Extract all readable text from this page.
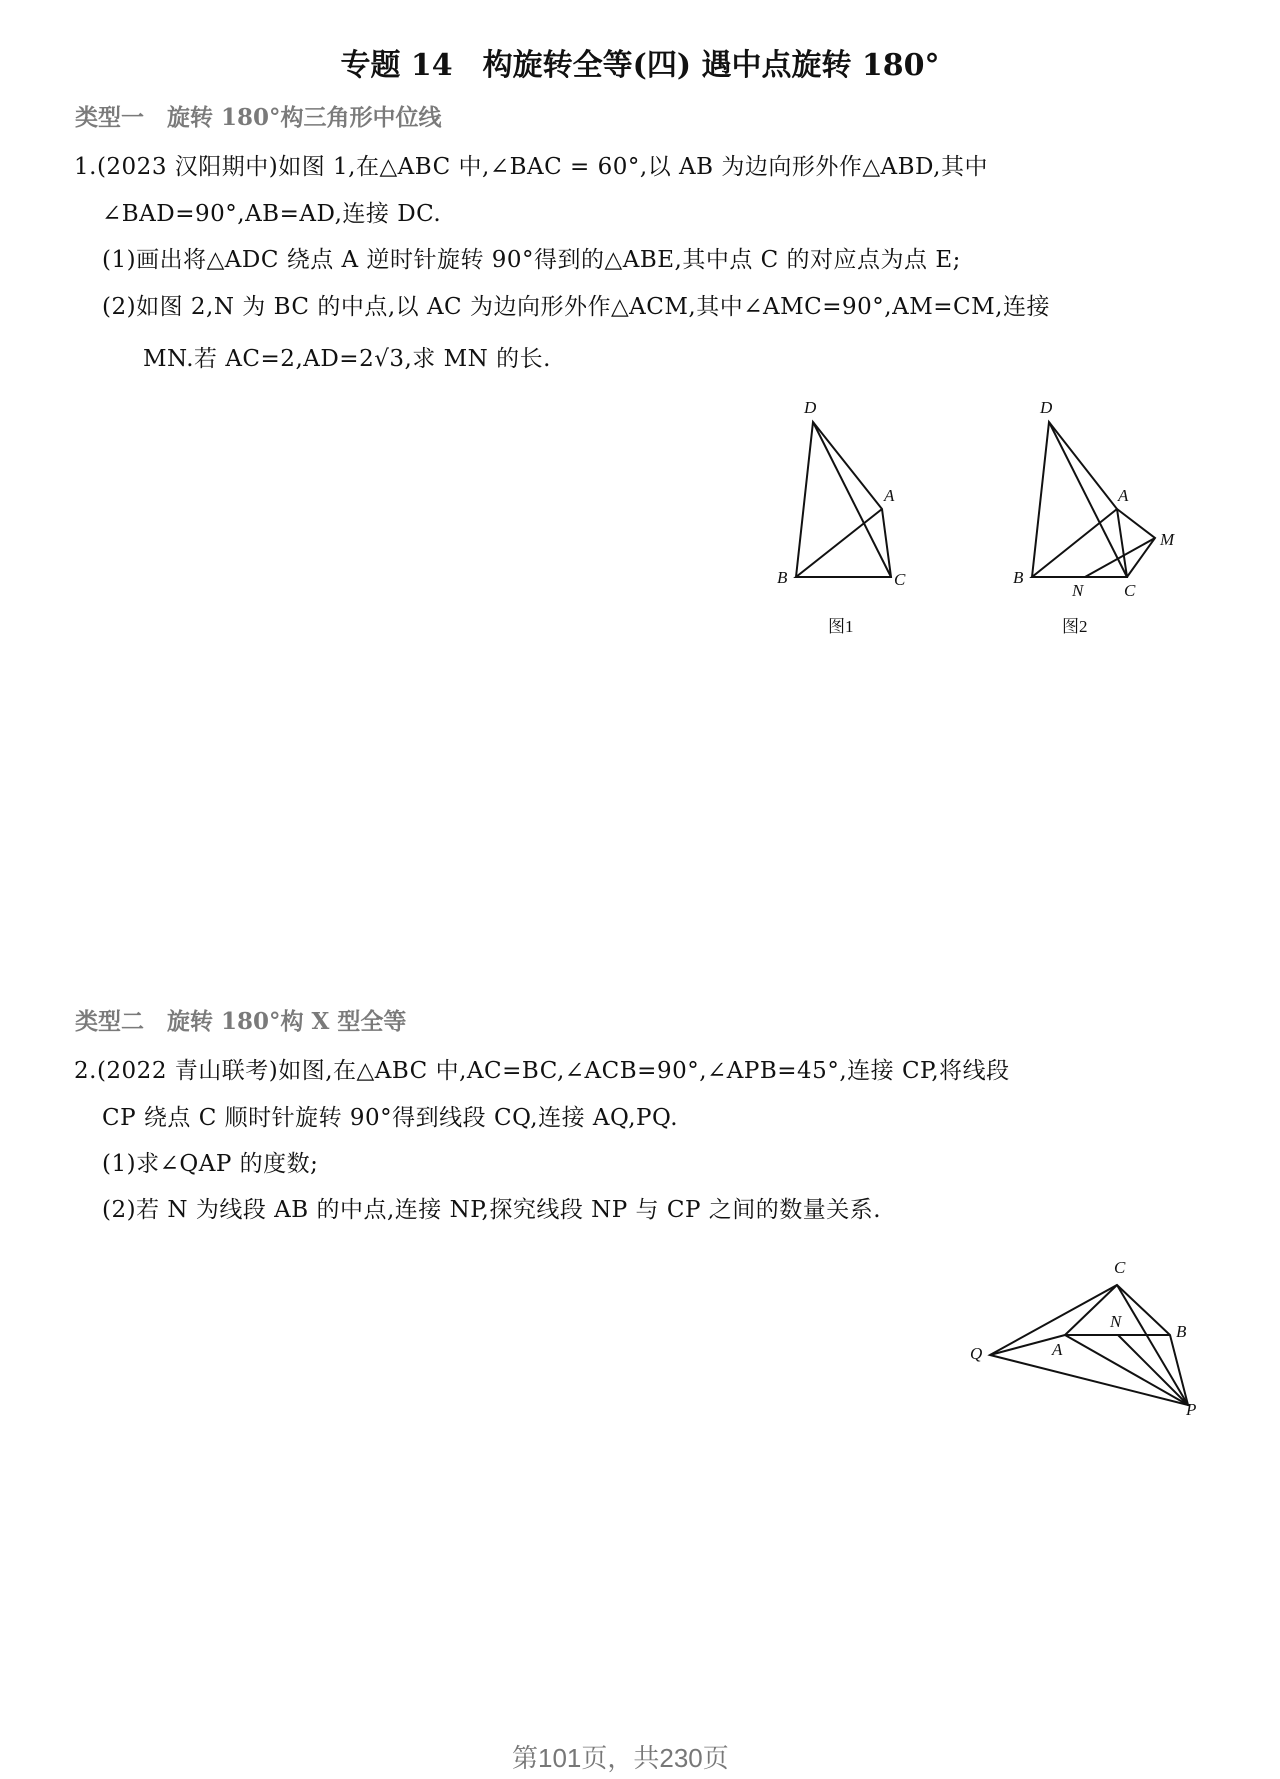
专题 14　构旋转全等(四) 遇中点旋转 180°
类型一　旋转 180°构三角形中位线
1.(2023 汉阳期中)如图 1,在△ABC 中,∠BAC = 60°,以 AB 为边向形外作△ABD,其中
∠BAD=90°,AB=AD,连接 DC.
(1)画出将△ADC 绕点 A 逆时针旋转 90°得到的△ABE,其中点 C 的对应点为点 E;
(2)如图 2,N 为 BC 的中点,以 AC 为边向形外作△ACM,其中∠AMC=90°,AM=CM,连接
MN.若 AC=2,AD=2√3,求 MN 的长.
D
A
B	C
图1
D
A
M
B
N C
图2
类型二　旋转 180°构 X 型全等
2.(2022 青山联考)如图,在△ABC 中,AC=BC,∠ACB=90°,∠APB=45°,连接 CP,将线段
CP 绕点 C 顺时针旋转 90°得到线段 CQ,连接 AQ,PQ.
(1)求∠QAP 的度数;
(2)若 N 为线段 AB 的中点,连接 NP,探究线段 NP 与 CP 之间的数量关系.
C
N
B
A
Q
P
第101页，共230页
